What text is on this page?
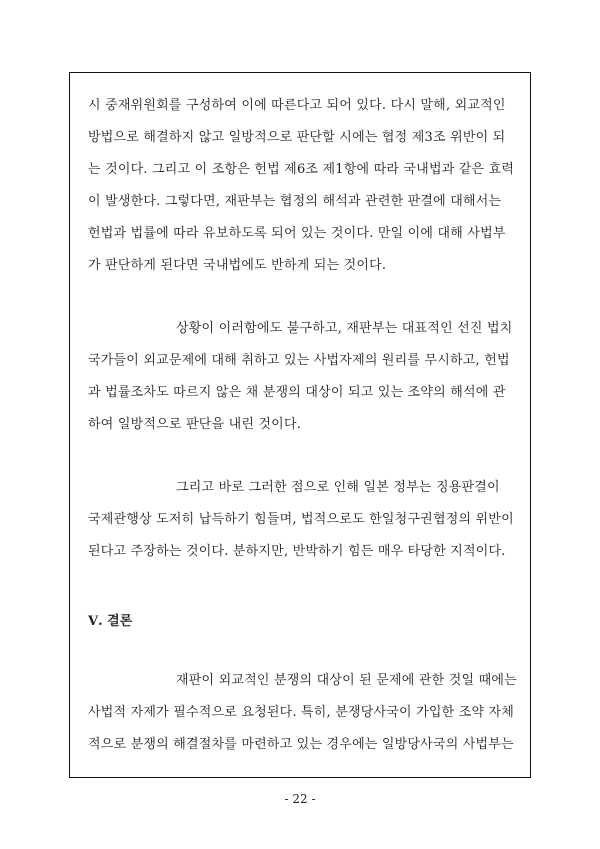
시 중재위원회를 구성하여 이에 따른다고 되어 있다. 다시 말해, 외교적인
방법으로 해결하지 않고 일방적으로 판단할 시에는 협정 제3조 위반이 되
는 것이다. 그리고 이 조항은 헌법 제6조 제1항에 따라 국내법과 같은 효력
이 발생한다. 그렇다면, 재판부는 협정의 해석과 관련한 판결에 대해서는
헌법과 법률에 따라 유보하도록 되어 있는 것이다. 만일 이에 대해 사법부
가 판단하게 된다면 국내법에도 반하게 되는 것이다.
상황이 이러함에도 불구하고, 재판부는 대표적인 선진 법치
국가들이 외교문제에 대해 취하고 있는 사법자제의 원리를 무시하고, 헌법
과 법률조차도 따르지 않은 채 분쟁의 대상이 되고 있는 조약의 해석에 관
하여 일방적으로 판단을 내린 것이다.
그리고 바로 그러한 점으로 인해 일본 정부는 징용판결이
국제관행상 도저히 납득하기 힘들며, 법적으로도 한일청구권협정의 위반이
된다고 주장하는 것이다. 분하지만, 반박하기 힘든 매우 타당한 지적이다.
Ⅴ. 결론
재판이 외교적인 분쟁의 대상이 된 문제에 관한 것일 때에는
사법적 자제가 필수적으로 요청된다. 특히, 분쟁당사국이 가입한 조약 자체
적으로 분쟁의 해결절차를 마련하고 있는 경우에는 일방당사국의 사법부는
- 22 -
